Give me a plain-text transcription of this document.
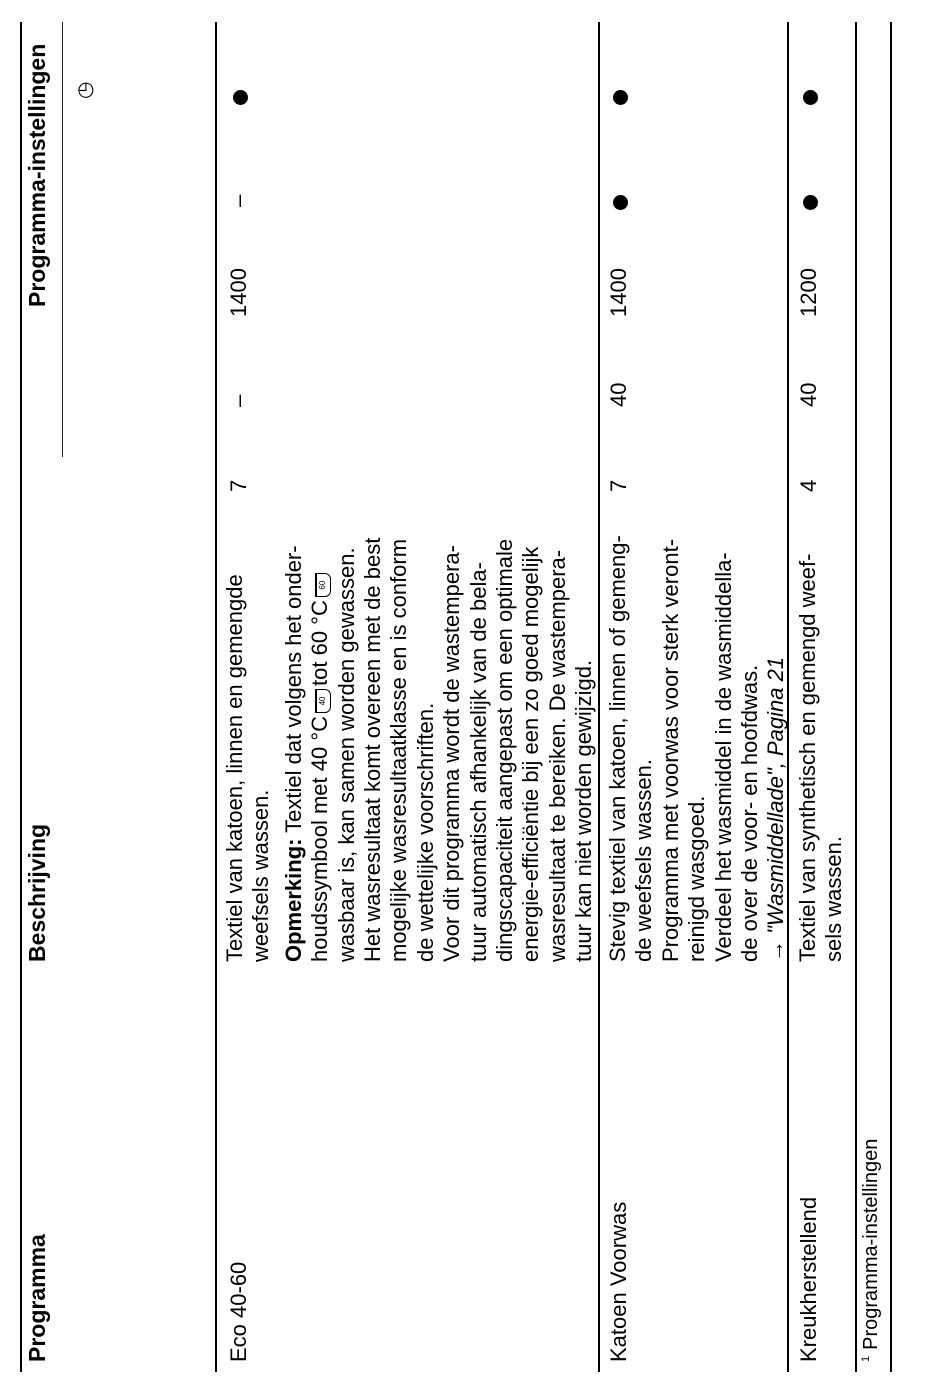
Programma
Beschrijving
Programma-instellingen ◷
Eco 40-60
Textiel van katoen, linnen en gemengde weefsels wassen. Opmerking: Textiel dat volgens het onder-
houdssymbool met 40 °C40tot 60 °C60 wasbaar is, kan samen worden gewassen. Het wasresultaat komt overeen met de best mogelijke wasresultaatklasse en is conform de wettelijke voorschriften. Voor dit programma wordt de wastempera- tuur automatisch afhankelijk van de bela- dingscapaciteit aangepast om een optimale energie-efficiëntie bij een zo goed mogelijk wasresultaat te bereiken. De wastempera- tuur kan niet worden gewijzigd.
7
–
1400
–
Katoen Voorwas
Stevig textiel van katoen, linnen of gemeng- de weefsels wassen. Programma met voorwas voor sterk veront- reinigd wasgoed. Verdeel het wasmiddel in de wasmiddella- de over de voor- en hoofdwas. → "Wasmiddellade", Pagina 21
7
40
1400
Kreukherstellend
Textiel van synthetisch en gemengd weef- sels wassen.
4
40
1200
$^1$Programma-instellingen
